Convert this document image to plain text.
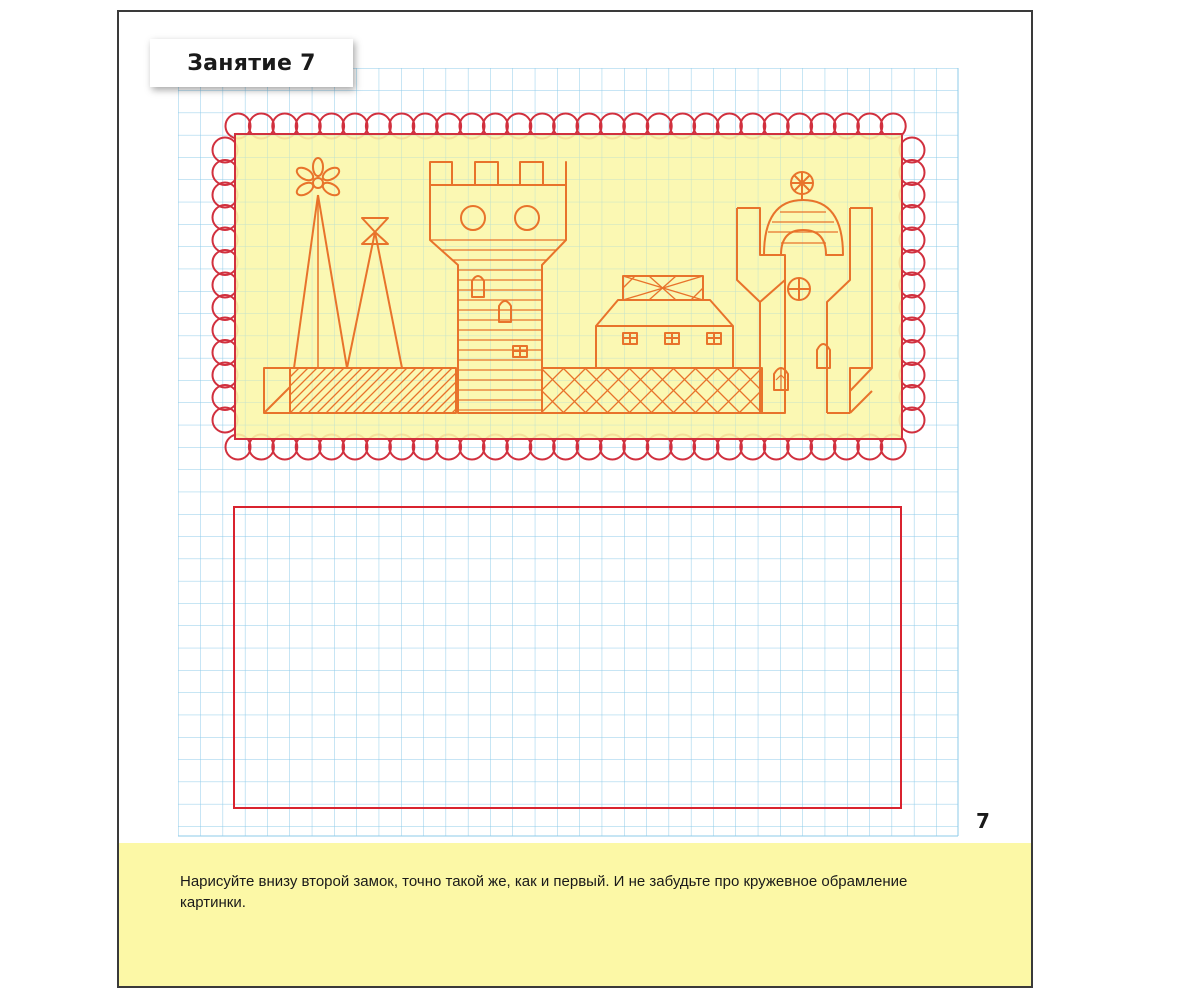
Занятие 7
7
Нарисуйте внизу второй замок, точно такой же, как и первый. И не забудьте про кружевное обрамление картинки.
